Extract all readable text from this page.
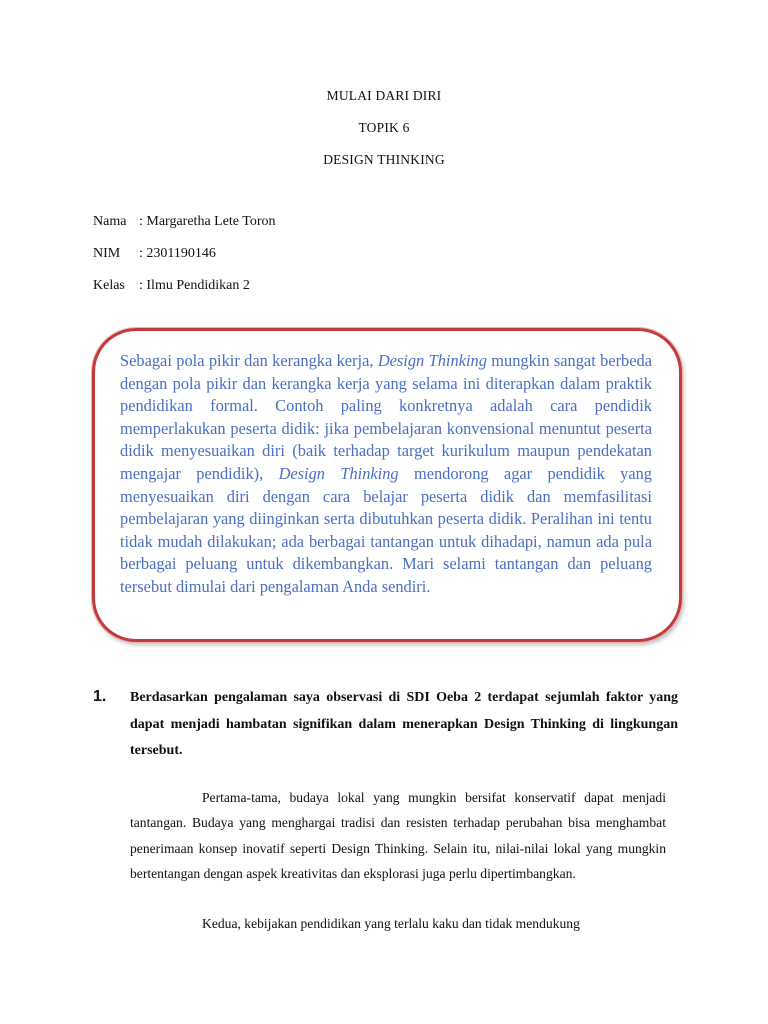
MULAI DARI DIRI
TOPIK 6
DESIGN THINKING
Nama : Margaretha Lete Toron
NIM : 2301190146
Kelas : Ilmu Pendidikan 2
Sebagai pola pikir dan kerangka kerja, Design Thinking mungkin sangat berbeda dengan pola pikir dan kerangka kerja yang selama ini diterapkan dalam praktik pendidikan formal. Contoh paling konkretnya adalah cara pendidik memperlakukan peserta didik: jika pembelajaran konvensional menuntut peserta didik menyesuaikan diri (baik terhadap target kurikulum maupun pendekatan mengajar pendidik), Design Thinking mendorong agar pendidik yang menyesuaikan diri dengan cara belajar peserta didik dan memfasilitasi pembelajaran yang diinginkan serta dibutuhkan peserta didik. Peralihan ini tentu tidak mudah dilakukan; ada berbagai tantangan untuk dihadapi, namun ada pula berbagai peluang untuk dikembangkan. Mari selami tantangan dan peluang tersebut dimulai dari pengalaman Anda sendiri.
1. Berdasarkan pengalaman saya observasi di SDI Oeba 2 terdapat sejumlah faktor yang dapat menjadi hambatan signifikan dalam menerapkan Design Thinking di lingkungan tersebut.

Pertama-tama, budaya lokal yang mungkin bersifat konservatif dapat menjadi tantangan. Budaya yang menghargai tradisi dan resisten terhadap perubahan bisa menghambat penerimaan konsep inovatif seperti Design Thinking. Selain itu, nilai-nilai lokal yang mungkin bertentangan dengan aspek kreativitas dan eksplorasi juga perlu dipertimbangkan.

Kedua, kebijakan pendidikan yang terlalu kaku dan tidak mendukung
